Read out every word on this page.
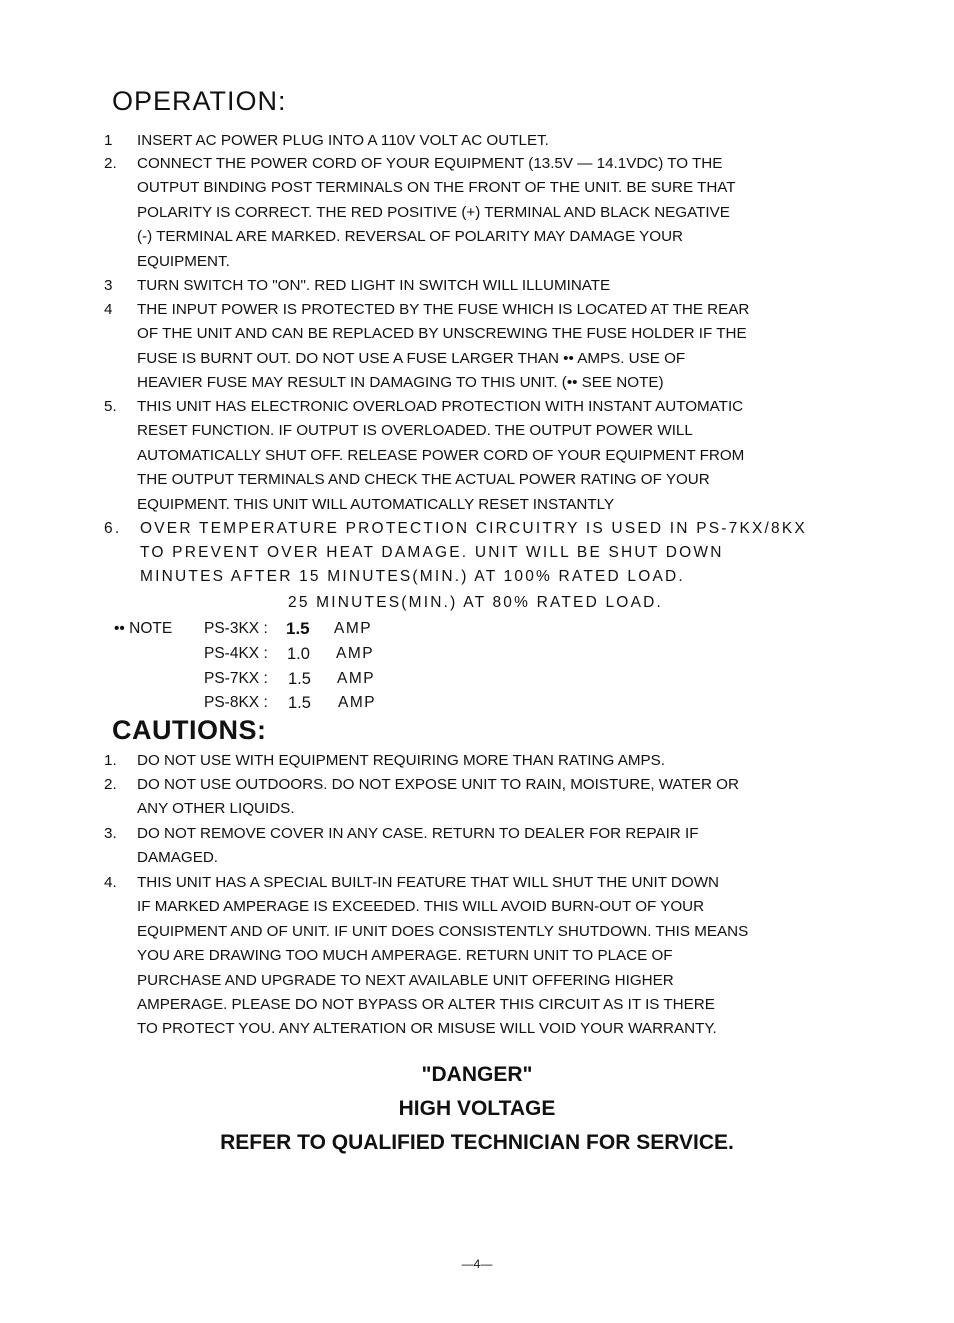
OPERATION:
1	INSERT AC POWER PLUG INTO A 110V VOLT AC OUTLET.
2.	CONNECT THE POWER CORD OF YOUR EQUIPMENT (13.5V — 14.1VDC) TO THE
OUTPUT BINDING POST TERMINALS ON THE FRONT OF THE UNIT. BE SURE THAT
POLARITY IS CORRECT. THE RED POSITIVE (+) TERMINAL AND BLACK NEGATIVE
(-) TERMINAL ARE MARKED. REVERSAL OF POLARITY MAY DAMAGE YOUR
EQUIPMENT.
3	TURN SWITCH TO "ON". RED LIGHT IN SWITCH WILL ILLUMINATE
4	THE INPUT POWER IS PROTECTED BY THE FUSE WHICH IS LOCATED AT THE REAR
OF THE UNIT AND CAN BE REPLACED BY UNSCREWING THE FUSE HOLDER IF THE
FUSE IS BURNT OUT. DO NOT USE A FUSE LARGER THAN •• AMPS. USE OF
HEAVIER FUSE MAY RESULT IN DAMAGING TO THIS UNIT. (•• SEE NOTE)
5.	THIS UNIT HAS ELECTRONIC OVERLOAD PROTECTION WITH INSTANT AUTOMATIC
RESET FUNCTION. IF OUTPUT IS OVERLOADED. THE OUTPUT POWER WILL
AUTOMATICALLY SHUT OFF. RELEASE POWER CORD OF YOUR EQUIPMENT FROM
THE OUTPUT TERMINALS AND CHECK THE ACTUAL POWER RATING OF YOUR
EQUIPMENT. THIS UNIT WILL AUTOMATICALLY RESET INSTANTLY
6. OVER TEMPERATURE PROTECTION CIRCUITRY IS USED IN PS-7KX/8KX
TO PREVENT OVER HEAT DAMAGE. UNIT WILL BE SHUT DOWN
MINUTES AFTER 15 MINUTES(MIN.) AT 100% RATED LOAD.
25 MINUTES(MIN.) AT 80% RATED LOAD.
•• NOTE PS-3KX : 1.5 AMP
PS-4KX : 1.0 AMP
PS-7KX : 1.5 AMP
PS-8KX : 1.5 AMP
CAUTIONS:
1.	DO NOT USE WITH EQUIPMENT REQUIRING MORE THAN RATING AMPS.
2.	DO NOT USE OUTDOORS. DO NOT EXPOSE UNIT TO RAIN, MOISTURE, WATER OR
ANY OTHER LIQUIDS.
3.	DO NOT REMOVE COVER IN ANY CASE. RETURN TO DEALER FOR REPAIR IF
DAMAGED.
4.	THIS UNIT HAS A SPECIAL BUILT-IN FEATURE THAT WILL SHUT THE UNIT DOWN
IF MARKED AMPERAGE IS EXCEEDED. THIS WILL AVOID BURN-OUT OF YOUR
EQUIPMENT AND OF UNIT. IF UNIT DOES CONSISTENTLY SHUTDOWN. THIS MEANS
YOU ARE DRAWING TOO MUCH AMPERAGE. RETURN UNIT TO PLACE OF
PURCHASE AND UPGRADE TO NEXT AVAILABLE UNIT OFFERING HIGHER
AMPERAGE. PLEASE DO NOT BYPASS OR ALTER THIS CIRCUIT AS IT IS THERE
TO PROTECT YOU. ANY ALTERATION OR MISUSE WILL VOID YOUR WARRANTY.
"DANGER"
HIGH VOLTAGE
REFER TO QUALIFIED TECHNICIAN FOR SERVICE.
—4—
